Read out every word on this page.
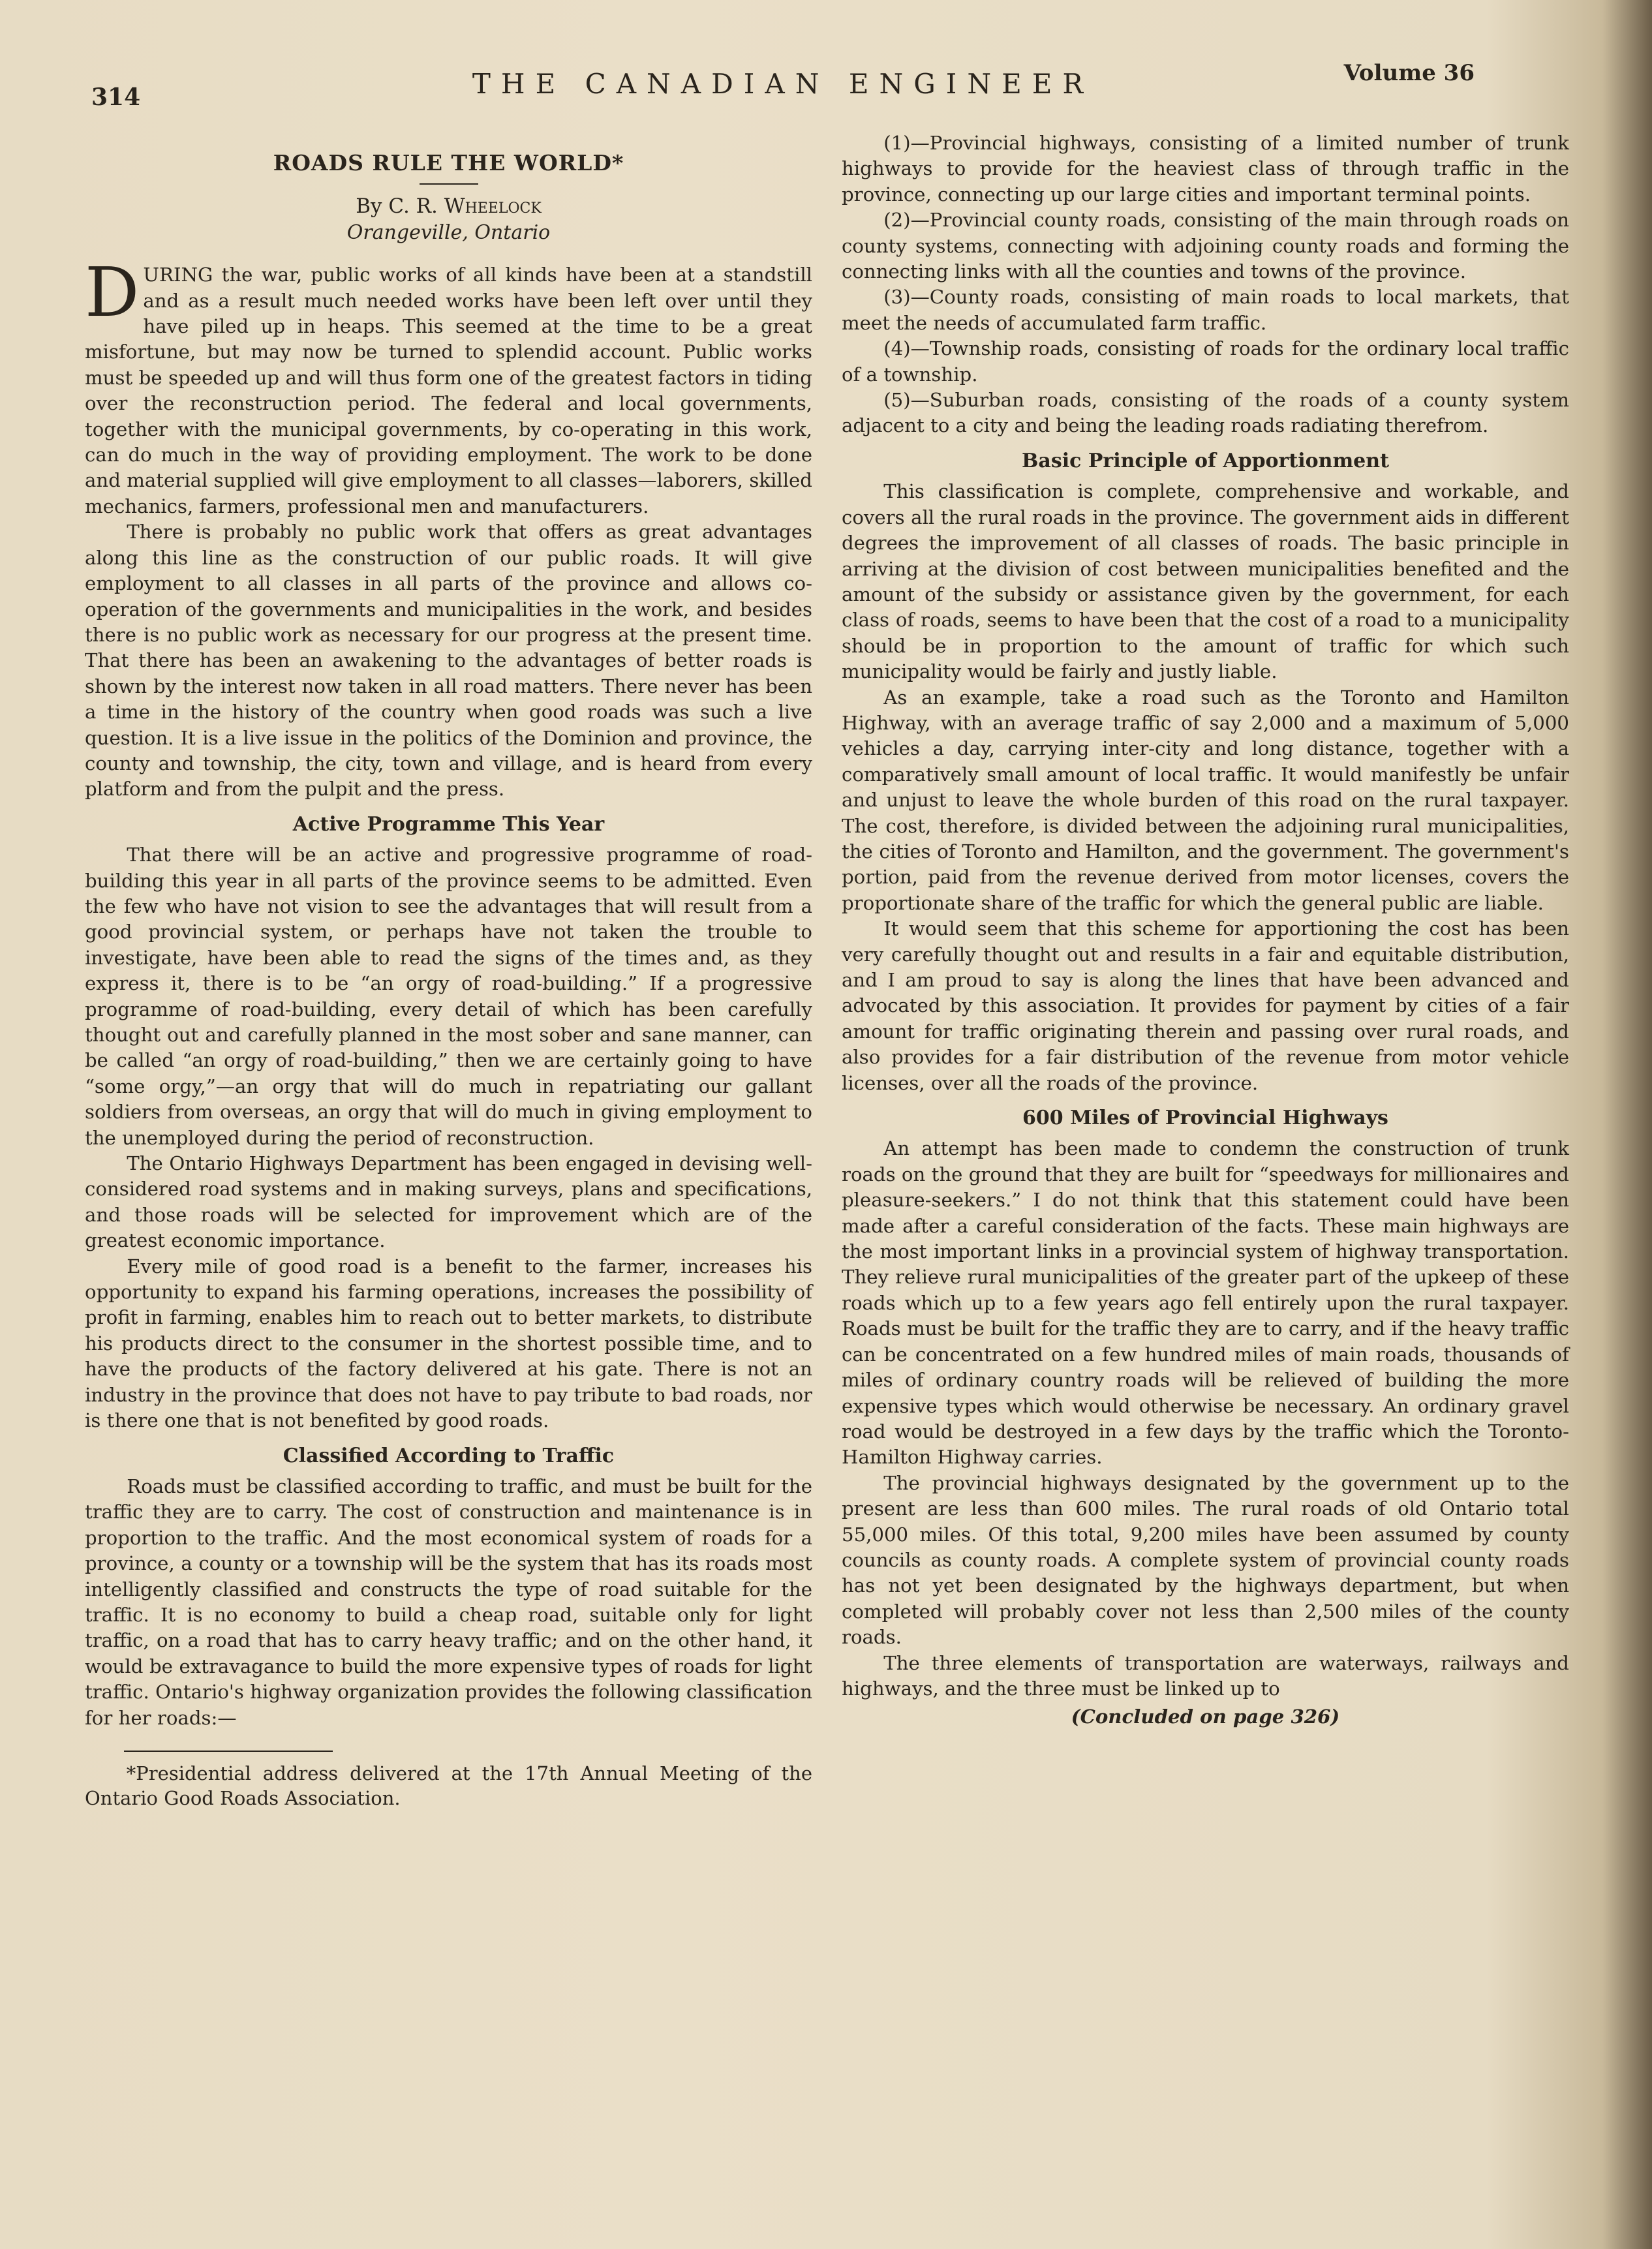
314	THE CANADIAN ENGINEER	Volume 36
ROADS RULE THE WORLD*
By C. R. Wheelock
Orangeville, Ontario

DURING the war, public works of all kinds have been at a standstill and as a result much needed works have been left over until they have piled up in heaps. This seemed at the time to be a great misfortune, but may now be turned to splendid account. Public works must be speeded up and will thus form one of the greatest factors in tiding over the reconstruction period. The federal and local governments, together with the municipal governments, by co-operating in this work, can do much in the way of providing employment. The work to be done and material supplied will give employment to all classes—laborers, skilled mechanics, farmers, professional men and manufacturers.

There is probably no public work that offers as great advantages along this line as the construction of our public roads. It will give employment to all classes in all parts of the province and allows co-operation of the governments and municipalities in the work, and besides there is no public work as necessary for our progress at the present time. That there has been an awakening to the advantages of better roads is shown by the interest now taken in all road matters. There never has been a time in the history of the country when good roads was such a live question. It is a live issue in the politics of the Dominion and province, the county and township, the city, town and village, and is heard from every platform and from the pulpit and the press.

Active Programme This Year

That there will be an active and progressive programme of road-building this year in all parts of the province seems to be admitted. Even the few who have not vision to see the advantages that will result from a good provincial system, or perhaps have not taken the trouble to investigate, have been able to read the signs of the times and, as they express it, there is to be “an orgy of road-building.” If a progressive programme of road-building, every detail of which has been carefully thought out and carefully planned in the most sober and sane manner, can be called “an orgy of road-building,” then we are certainly going to have “some orgy,”—an orgy that will do much in repatriating our gallant soldiers from overseas, an orgy that will do much in giving employment to the unemployed during the period of reconstruction.

The Ontario Highways Department has been engaged in devising well-considered road systems and in making surveys, plans and specifications, and those roads will be selected for improvement which are of the greatest economic importance.

Every mile of good road is a benefit to the farmer, increases his opportunity to expand his farming operations, increases the possibility of profit in farming, enables him to reach out to better markets, to distribute his products direct to the consumer in the shortest possible time, and to have the products of the factory delivered at his gate. There is not an industry in the province that does not have to pay tribute to bad roads, nor is there one that is not benefited by good roads.

Classified According to Traffic

Roads must be classified according to traffic, and must be built for the traffic they are to carry. The cost of construction and maintenance is in proportion to the traffic. And the most economical system of roads for a province, a county or a township will be the system that has its roads most intelligently classified and constructs the type of road suitable for the traffic. It is no economy to build a cheap road, suitable only for light traffic, on a road that has to carry heavy traffic; and on the other hand, it would be extravagance to build the more expensive types of roads for light traffic. Ontario's highway organization provides the following classification for her roads:—

*Presidential address delivered at the 17th Annual Meeting of the Ontario Good Roads Association.

(1)—Provincial highways, consisting of a limited number of trunk highways to provide for the heaviest class of through traffic in the province, connecting up our large cities and important terminal points.

(2)—Provincial county roads, consisting of the main through roads on county systems, connecting with adjoining county roads and forming the connecting links with all the counties and towns of the province.

(3)—County roads, consisting of main roads to local markets, that meet the needs of accumulated farm traffic.

(4)—Township roads, consisting of roads for the ordinary local traffic of a township.

(5)—Suburban roads, consisting of the roads of a county system adjacent to a city and being the leading roads radiating therefrom.

Basic Principle of Apportionment

This classification is complete, comprehensive and workable, and covers all the rural roads in the province. The government aids in different degrees the improvement of all classes of roads. The basic principle in arriving at the division of cost between municipalities benefited and the amount of the subsidy or assistance given by the government, for each class of roads, seems to have been that the cost of a road to a municipality should be in proportion to the amount of traffic for which such municipality would be fairly and justly liable.

As an example, take a road such as the Toronto and Hamilton Highway, with an average traffic of say 2,000 and a maximum of 5,000 vehicles a day, carrying inter-city and long distance, together with a comparatively small amount of local traffic. It would manifestly be unfair and unjust to leave the whole burden of this road on the rural taxpayer. The cost, therefore, is divided between the adjoining rural municipalities, the cities of Toronto and Hamilton, and the government. The government's portion, paid from the revenue derived from motor licenses, covers the proportionate share of the traffic for which the general public are liable.

It would seem that this scheme for apportioning the cost has been very carefully thought out and results in a fair and equitable distribution, and I am proud to say is along the lines that have been advanced and advocated by this association. It provides for payment by cities of a fair amount for traffic originating therein and passing over rural roads, and also provides for a fair distribution of the revenue from motor vehicle licenses, over all the roads of the province.

600 Miles of Provincial Highways

An attempt has been made to condemn the construction of trunk roads on the ground that they are built for “speedways for millionaires and pleasure-seekers.” I do not think that this statement could have been made after a careful consideration of the facts. These main highways are the most important links in a provincial system of highway transportation. They relieve rural municipalities of the greater part of the upkeep of these roads which up to a few years ago fell entirely upon the rural taxpayer. Roads must be built for the traffic they are to carry, and if the heavy traffic can be concentrated on a few hundred miles of main roads, thousands of miles of ordinary country roads will be relieved of building the more expensive types which would otherwise be necessary. An ordinary gravel road would be destroyed in a few days by the traffic which the Toronto-Hamilton Highway carries.

The provincial highways designated by the government up to the present are less than 600 miles. The rural roads of old Ontario total 55,000 miles. Of this total, 9,200 miles have been assumed by county councils as county roads. A complete system of provincial county roads has not yet been designated by the highways department, but when completed will probably cover not less than 2,500 miles of the county roads.

The three elements of transportation are waterways, railways and highways, and the three must be linked up to

(Concluded on page 326)
